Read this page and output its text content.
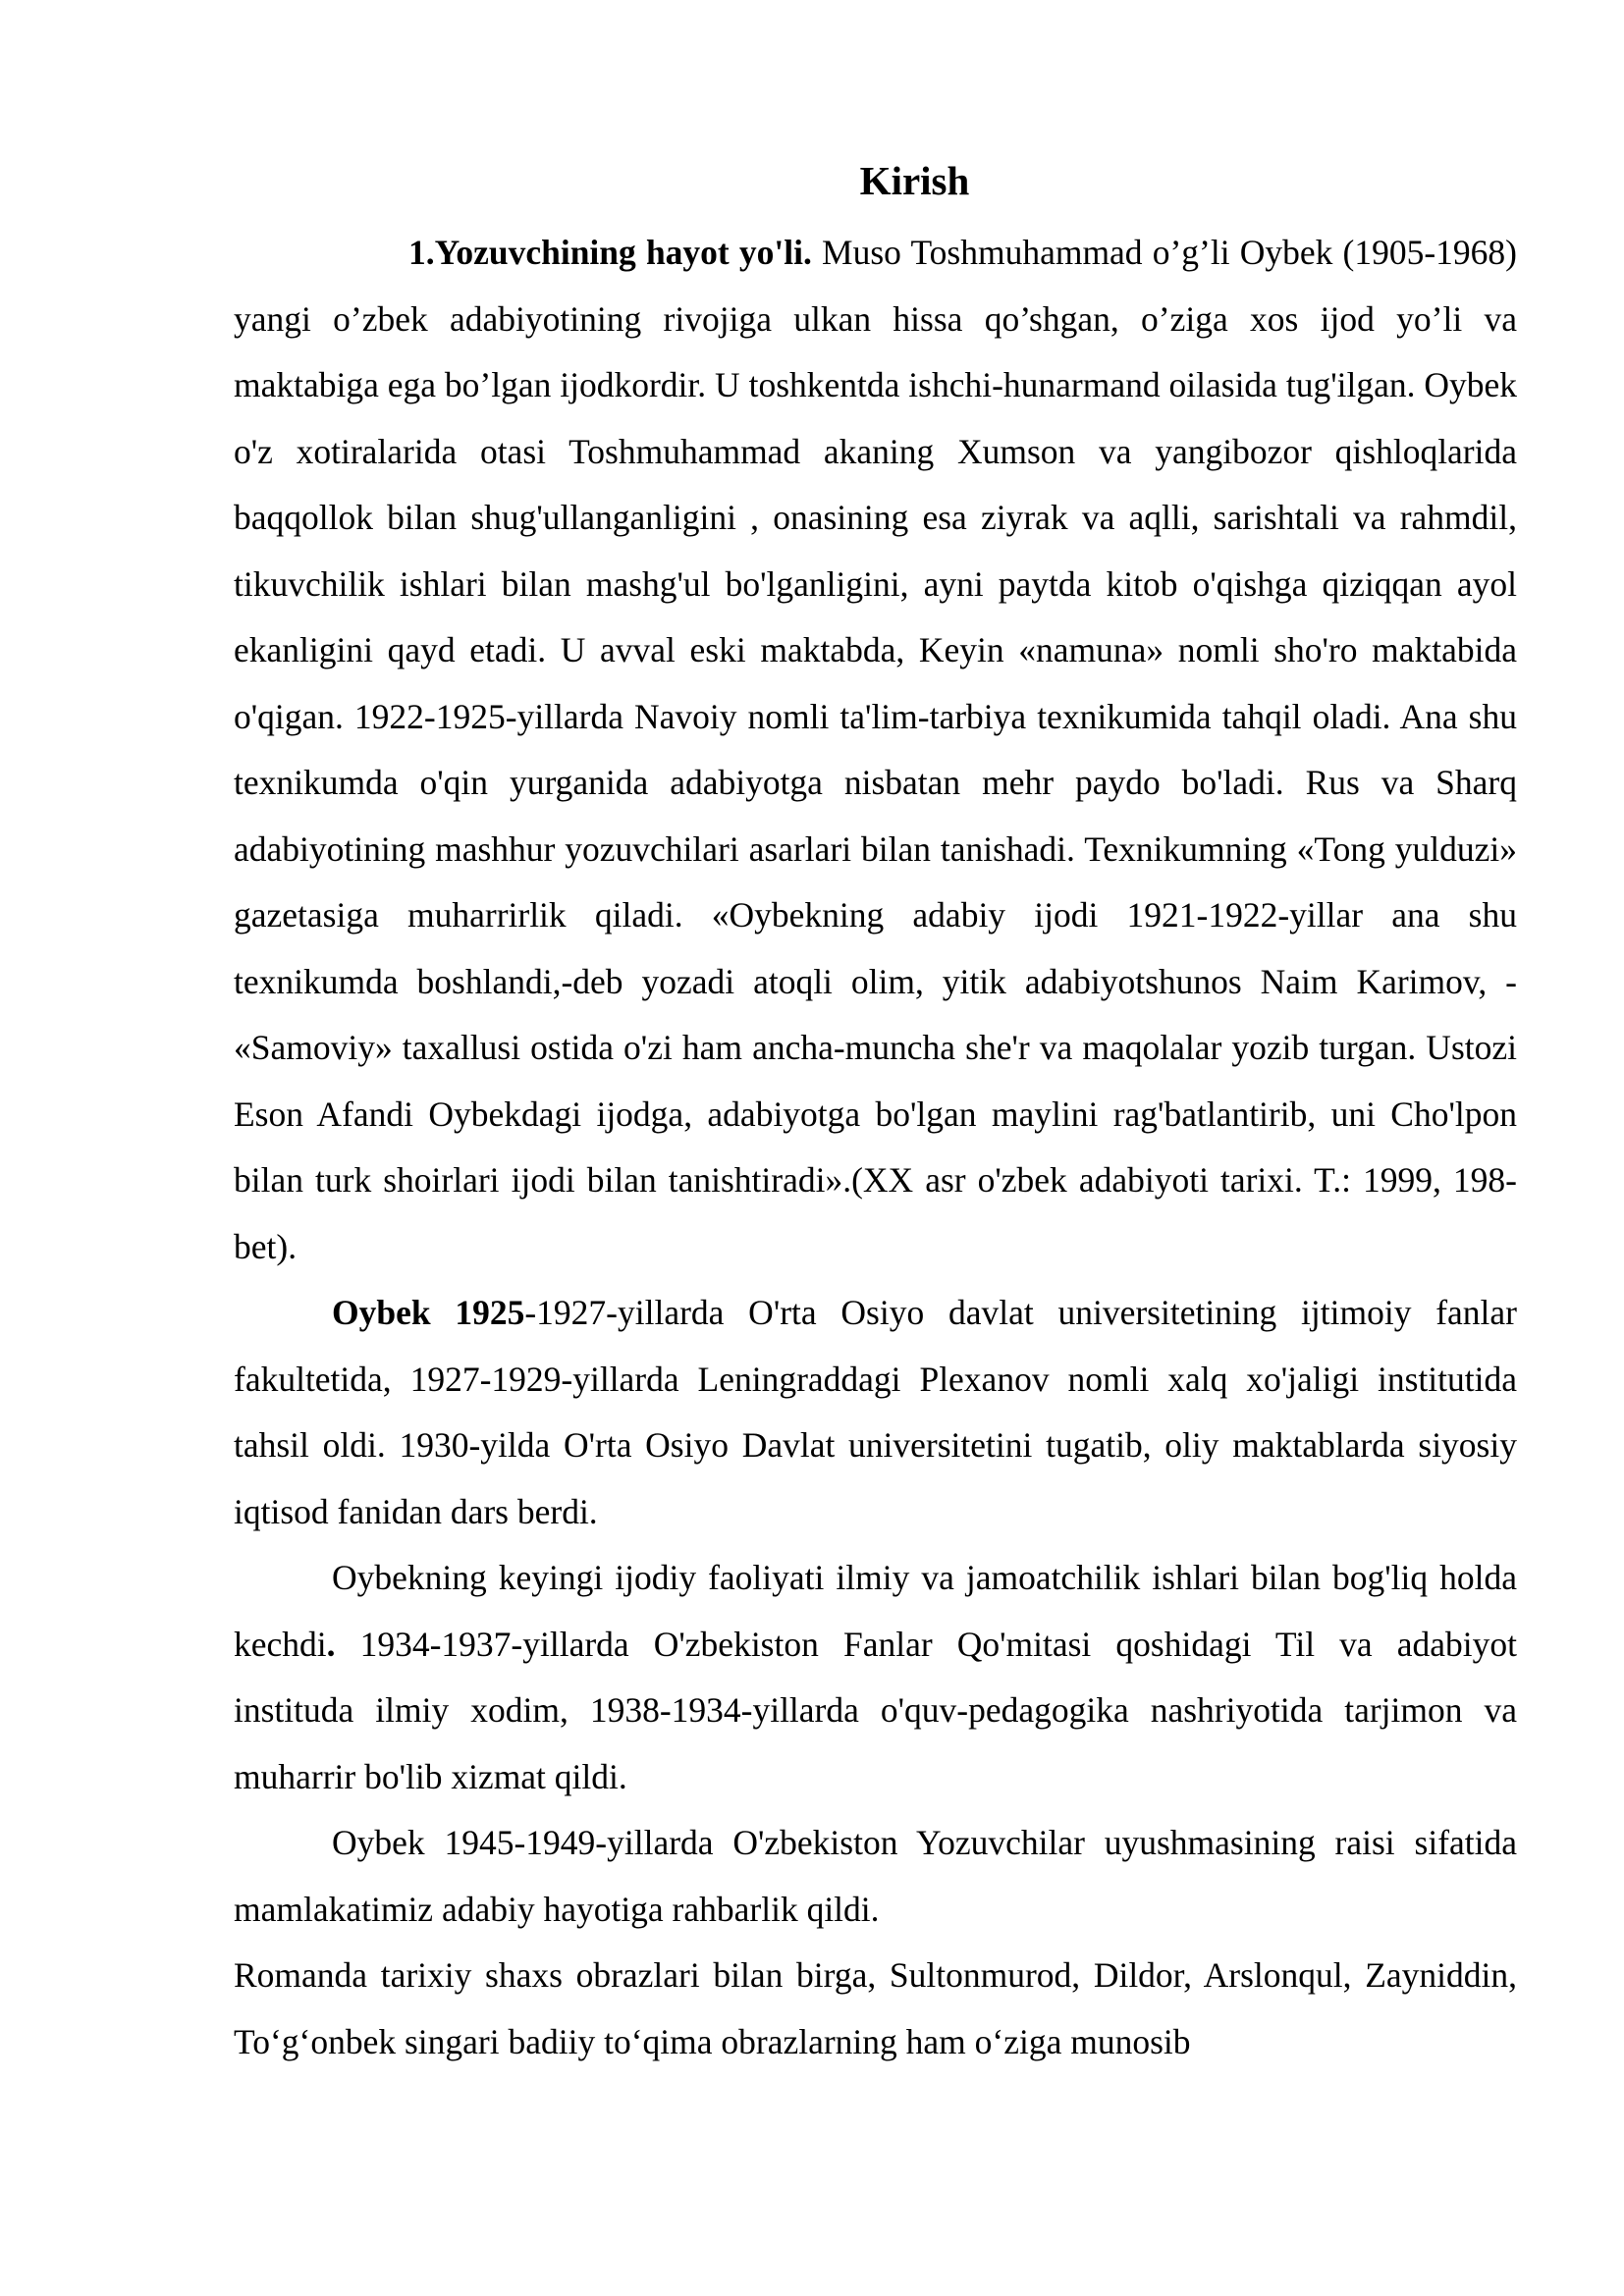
Kirish

1.Yozuvchining hayot yo'li. Muso Toshmuhammad o’g’li Oybek (1905-1968) yangi o’zbek adabiyotining rivojiga ulkan hissa qo’shgan, o’ziga xos ijod yo’li va maktabiga ega bo’lgan ijodkordir. U toshkentda ishchi-hunarmand oilasida tug'ilgan. Oybek o'z xotiralarida otasi Toshmuhammad akaning Xumson va yangibozor qishloqlarida baqqollok bilan shug'ullanganligini , onasining esa ziyrak va aqlli, sarishtali va rahmdil, tikuvchilik ishlari bilan mashg'ul bo'lganligini, ayni paytda kitob o'qishga qiziqqan ayol ekanligini qayd etadi. U avval eski maktabda, Keyin «namuna» nomli sho'ro maktabida o'qigan. 1922-1925-yillarda Navoiy nomli ta'lim-tarbiya texnikumida tahqil oladi. Ana shu texnikumda o'qin yurganida adabiyotga nisbatan mehr paydo bo'ladi. Rus va Sharq adabiyotining mashhur yozuvchilari asarlari bilan tanishadi. Texnikumning «Tong yulduzi» gazetasiga muharrirlik qiladi. «Oybekning adabiy ijodi 1921-1922-yillar ana shu texnikumda boshlandi,-deb yozadi atoqli olim, yitik adabiyotshunos Naim Karimov, - «Samoviy» taxallusi ostida o'zi ham ancha-muncha she'r va maqolalar yozib turgan. Ustozi Eson Afandi Oybekdagi ijodga, adabiyotga bo'lgan maylini rag'batlantirib, uni Cho'lpon bilan turk shoirlari ijodi bilan tanishtiradi».(XX asr o'zbek adabiyoti tarixi. T.: 1999, 198-bet).

Oybek 1925-1927-yillarda O'rta Osiyo davlat universitetining ijtimoiy fanlar fakultetida, 1927-1929-yillarda Leningraddagi Plexanov nomli xalq xo'jaligi institutida tahsil oldi. 1930-yilda O'rta Osiyo Davlat universitetini tugatib, oliy maktablarda siyosiy iqtisod fanidan dars berdi.

Oybekning keyingi ijodiy faoliyati ilmiy va jamoatchilik ishlari bilan bog'liq holda kechdi. 1934-1937-yillarda O'zbekiston Fanlar Qo'mitasi qoshidagi Til va adabiyot instituda ilmiy xodim, 1938-1934-yillarda o'quv-pedagogika nashriyotida tarjimon va muharrir bo'lib xizmat qildi.

Oybek 1945-1949-yillarda O'zbekiston Yozuvchilar uyushmasining raisi sifatida mamlakatimiz adabiy hayotiga rahbarlik qildi.

Romanda tarixiy shaxs obrazlari bilan birga, Sultonmurod, Dildor, Arslonqul, Zayniddin, To‘g‘onbek singari badiiy to‘qima obrazlarning ham o‘ziga munosib
